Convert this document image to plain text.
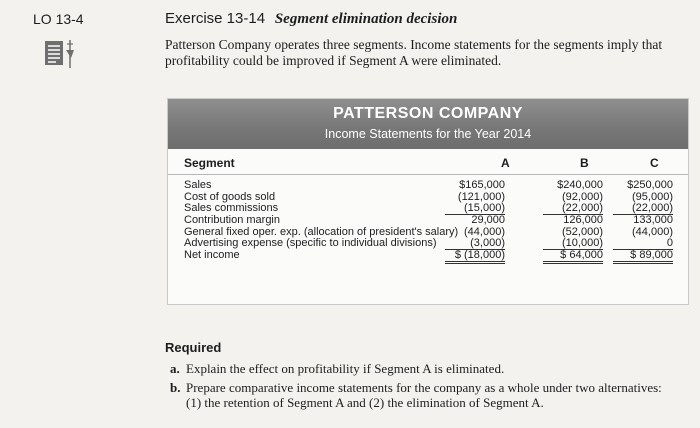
LO 13-4	Exercise 13-14 Segment elimination decision
Patterson Company operates three segments. Income statements for the segments imply that profitability could be improved if Segment A were eliminated.
PATTERSON COMPANY
Income Statements for the Year 2014
Segment	A	B	C
Sales	$165,000	$240,000	$250,000
Cost of goods sold	(121,000)	(92,000)	(95,000)
Sales commissions	(15,000)	(22,000)	(22,000)
Contribution margin	29,000	126,000	133,000
General fixed oper. exp. (allocation of president's salary) (44,000)	(52,000)	(44,000)
Advertising expense (specific to individual divisions)	(3,000)	(10,000)	0
Net income	$ (18,000)	$ 64,000	$ 89,000
Required
a. Explain the effect on profitability if Segment A is eliminated.
b. Prepare comparative income statements for the company as a whole under two alternatives:
(1) the retention of Segment A and (2) the elimination of Segment A.
